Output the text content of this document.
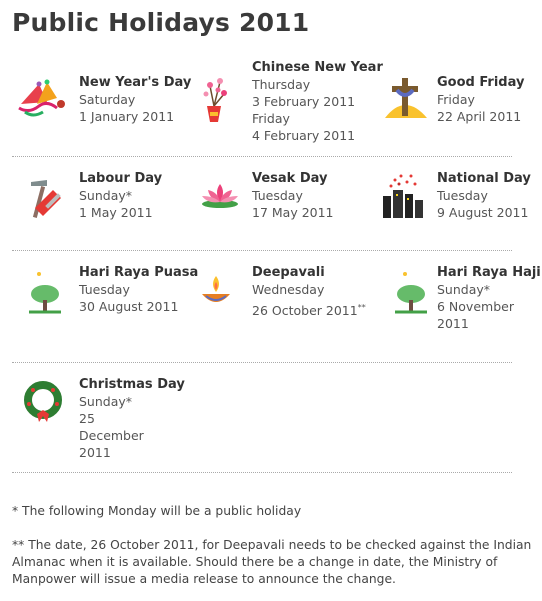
Public Holidays 2011
New Year's Day
Saturday
1 January 2011
Chinese New Year
Thursday
3 February 2011
Friday
4 February 2011
Good Friday
Friday
22 April 2011
Labour Day
Sunday*
1 May 2011
Vesak Day
Tuesday
17 May 2011
National Day
Tuesday
9 August 2011
Hari Raya Puasa
Tuesday
30 August 2011
Deepavali
Wednesday
26 October 2011**
Hari Raya Haji
Sunday*
6 November 2011
Christmas Day
Sunday*
25 December 2011
* The following Monday will be a public holiday
** The date, 26 October 2011, for Deepavali needs to be checked against the Indian Almanac when it is available. Should there be a change in date, the Ministry of Manpower will issue a media release to announce the change.
